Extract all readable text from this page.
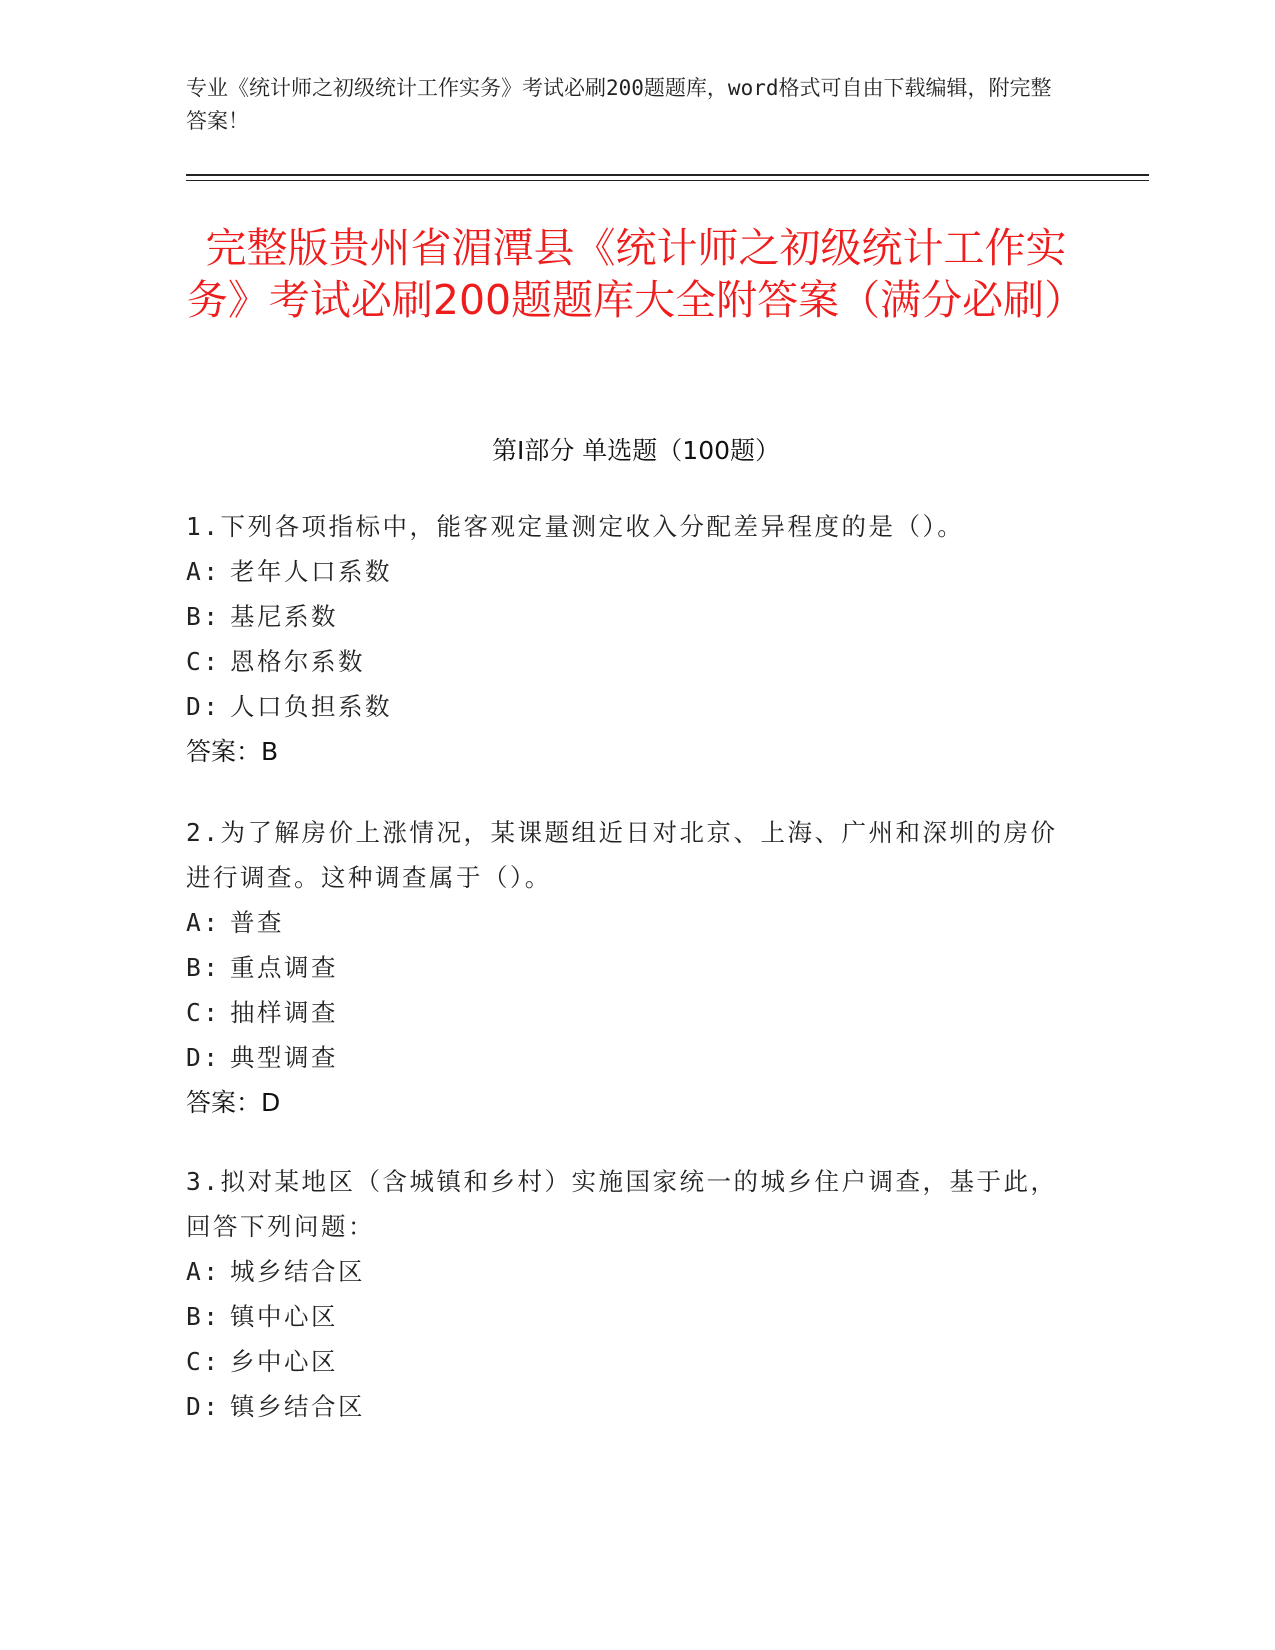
专业《统计师之初级统计工作实务》考试必刷200题题库，word格式可自由下载编辑，附完整答案！
完整版贵州省湄潭县《统计师之初级统计工作实务》考试必刷200题题库大全附答案（满分必刷）
第I部分 单选题（100题）

1.下列各项指标中，能客观定量测定收入分配差异程度的是（）。

A: 老年人口系数
B: 基尼系数
C: 恩格尔系数
D: 人口负担系数
答案：B

2.为了解房价上涨情况，某课题组近日对北京、上海、广州和深圳的房价进行调查。这种调查属于（）。

A: 普查
B: 重点调查
C: 抽样调查
D: 典型调查
答案：D

3.拟对某地区（含城镇和乡村）实施国家统一的城乡住户调查，基于此，回答下列问题：

A: 城乡结合区
B: 镇中心区
C: 乡中心区
D: 镇乡结合区
